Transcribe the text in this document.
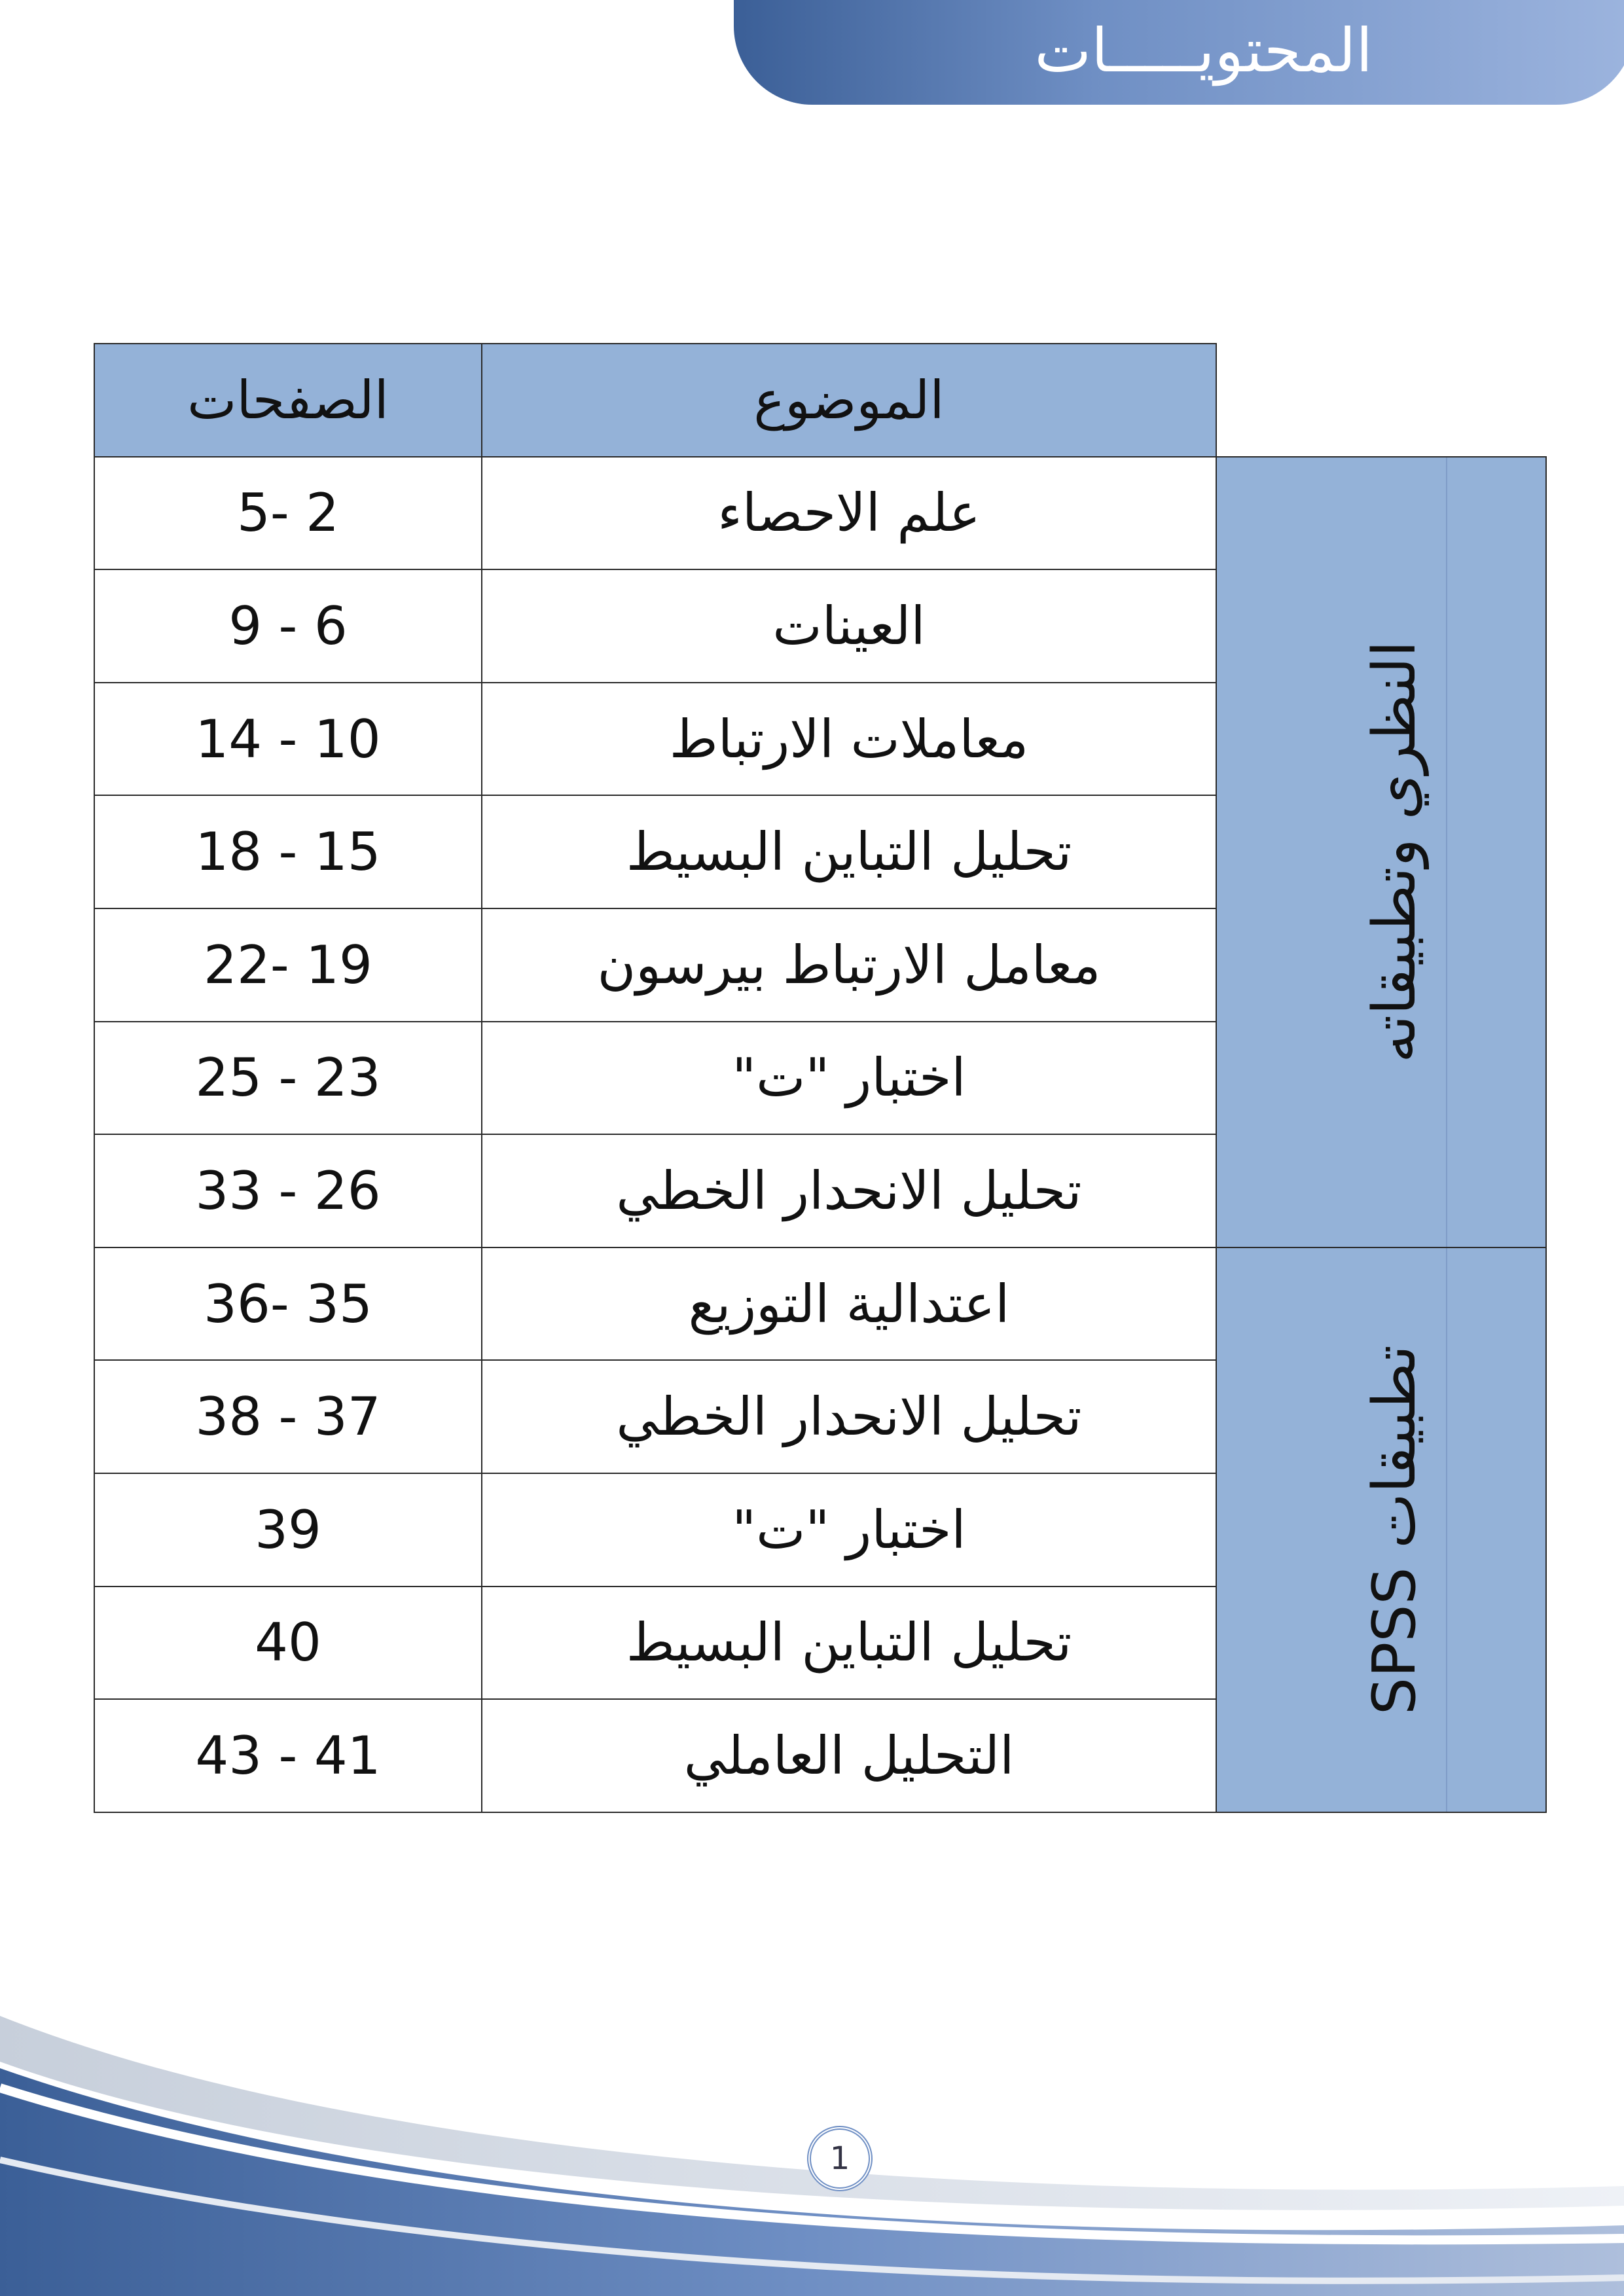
المحتويـــــات
الصفحات	الموضوع	
2 -5	علم الاحصاء	النظري وتطبيقاته

6 - 9	العينات	
10 - 14	معاملات الارتباط	
15 - 18	تحليل التباين البسيط	
19 -22	معامل الارتباط بيرسون	
23 - 25	اختبار "ت"	
26 - 33	تحليل الانحدار الخطي	
35 -36	اعتدالية التوزيع	تطبيقات SPSS

37 - 38	تحليل الانحدار الخطي	
39	اختبار "ت"	
40	تحليل التباين البسيط	
41 - 43	التحليل العاملي	
1
